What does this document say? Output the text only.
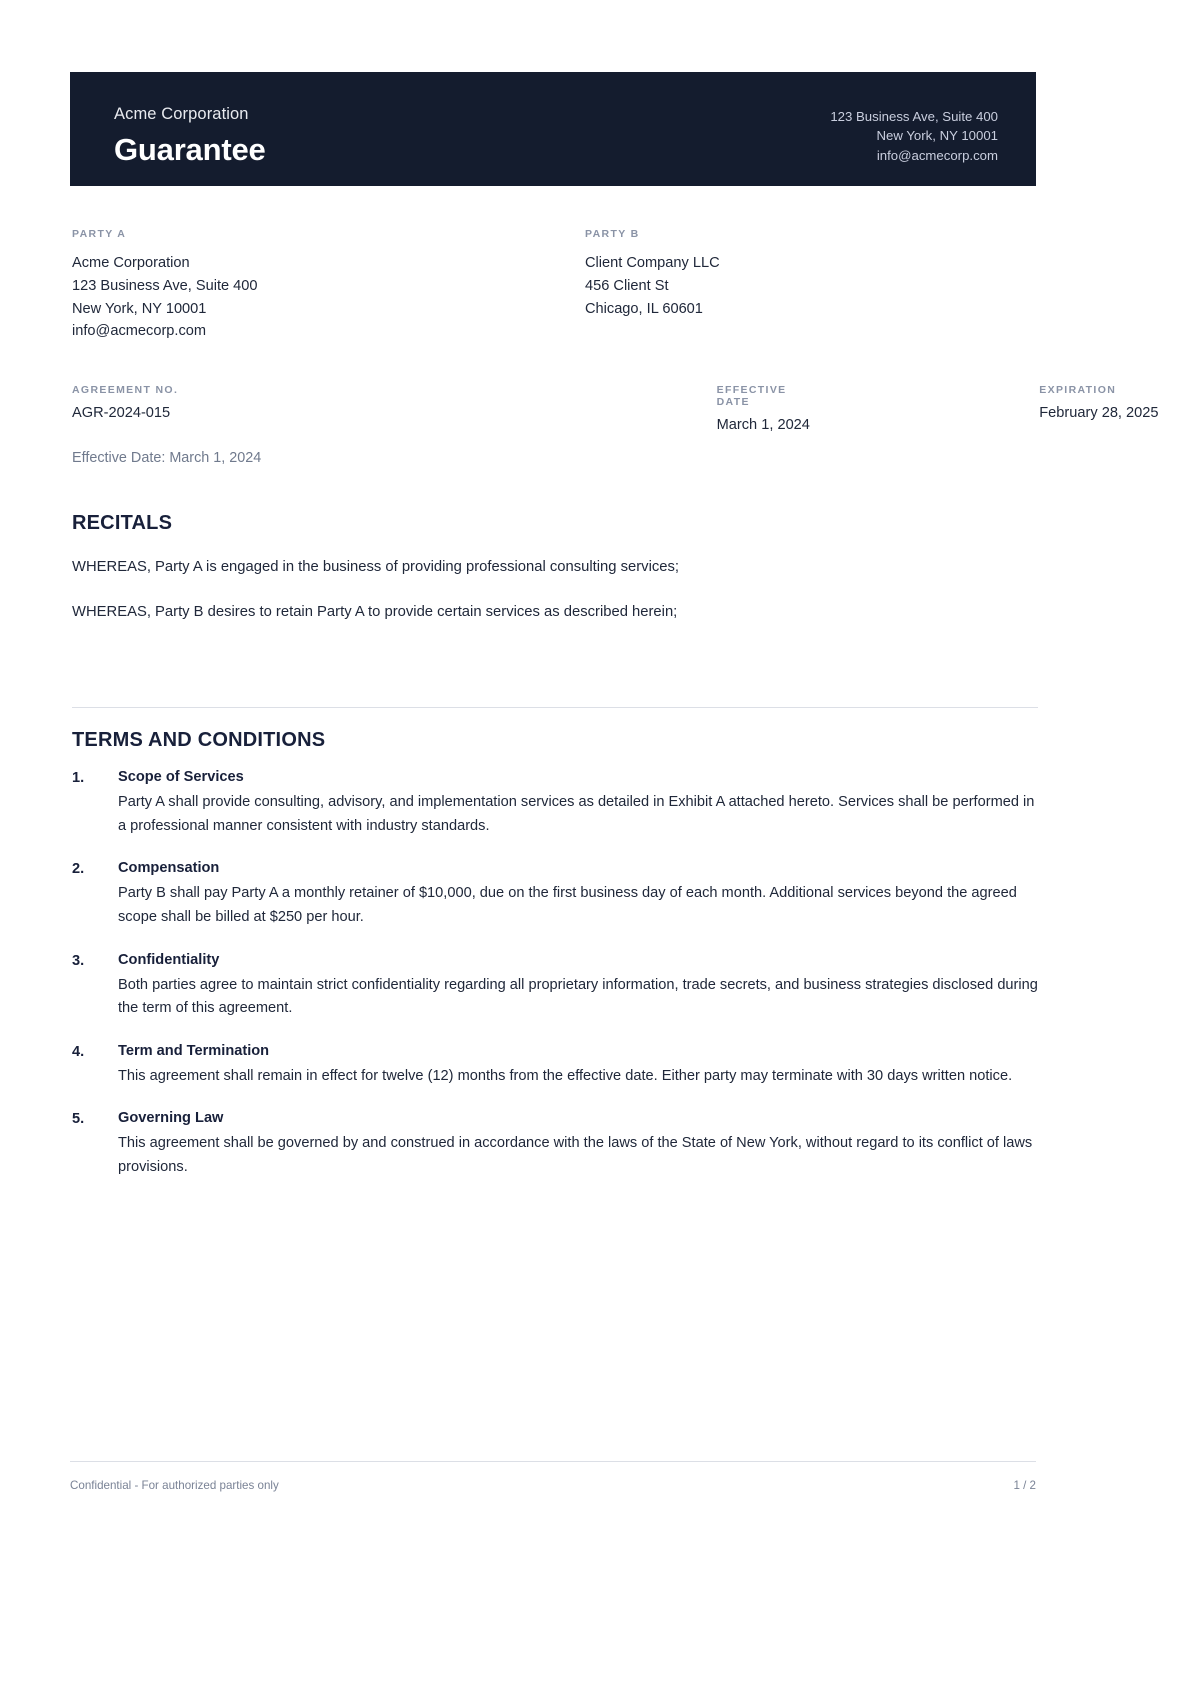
Acme Corporation
Guarantee
123 Business Ave, Suite 400
New York, NY 10001
info@acmecorp.com
PARTY A
Acme Corporation
123 Business Ave, Suite 400
New York, NY 10001
info@acmecorp.com
PARTY B
Client Company LLC
456 Client St
Chicago, IL 60601
AGREEMENT NO.
AGR-2024-015
EFFECTIVE DATE
March 1, 2024
EXPIRATION
February 28, 2025
Effective Date: March 1, 2024
RECITALS
WHEREAS, Party A is engaged in the business of providing professional consulting services;
WHEREAS, Party B desires to retain Party A to provide certain services as described herein;
TERMS AND CONDITIONS
1.	Scope of Services
Party A shall provide consulting, advisory, and implementation services as detailed in Exhibit A attached hereto. Services shall be performed in a professional manner consistent with industry standards.
2.	Compensation
Party B shall pay Party A a monthly retainer of $10,000, due on the first business day of each month. Additional services beyond the agreed scope shall be billed at $250 per hour.
3.	Confidentiality
Both parties agree to maintain strict confidentiality regarding all proprietary information, trade secrets, and business strategies disclosed during the term of this agreement.
4.	Term and Termination
This agreement shall remain in effect for twelve (12) months from the effective date. Either party may terminate with 30 days written notice.
5.	Governing Law
This agreement shall be governed by and construed in accordance with the laws of the State of New York, without regard to its conflict of laws provisions.
Confidential - For authorized parties only	1 / 2
